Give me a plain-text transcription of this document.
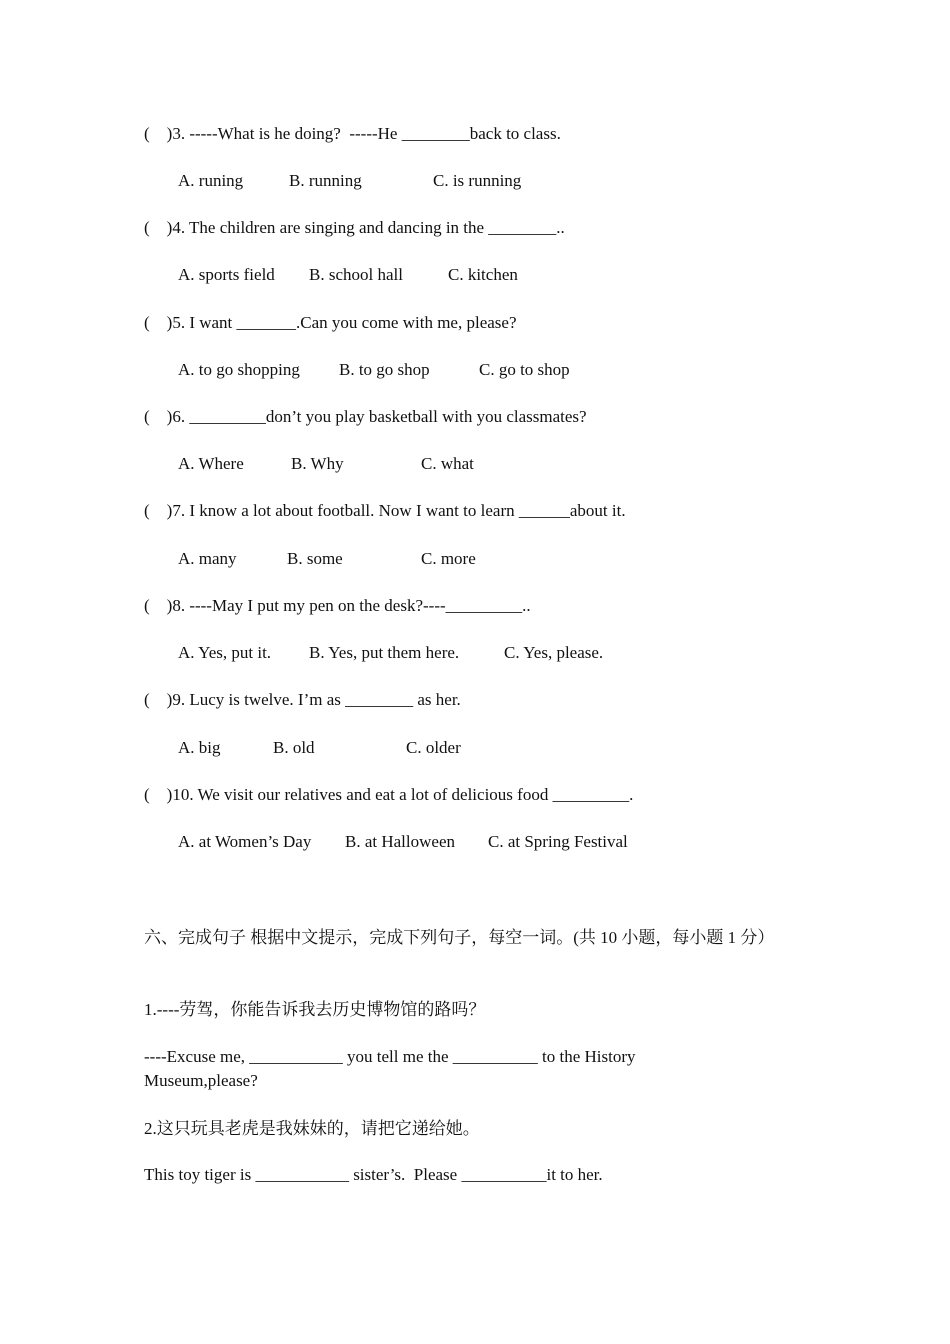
(    )3. -----What is he doing?  -----He ________back to class.
A. runing	B. running	C. is running
(    )4. The children are singing and dancing in the ________..
A. sports field B. school hall	C. kitchen
(    )5. I want _______.Can you come with me, please?
A. to go shopping B. to go shop	C. go to shop
(    )6. _________don’t you play basketball with you classmates?
A. Where	B. Why	C. what
(    )7. I know a lot about football. Now I want to learn ______about it.
A. many	B. some	C. more
(    )8. ----May I put my pen on the desk?----_________..
A. Yes, put it. B. Yes, put them here.	C. Yes, please.
(    )9. Lucy is twelve. I’m as ________ as her.
A. big	B. old	C. older
(    )10. We visit our relatives and eat a lot of delicious food _________.
A. at Women’s Day B. at Halloween C. at Spring Festival
六、完成句子 根据中文提示，完成下列句子，每空一词。(共 10 小题，每小题 1 分）
1.----劳驾，你能告诉我去历史博物馆的路吗？
----Excuse me, ___________ you tell me the __________ to the History Museum,please?
2.这只玩具老虎是我妹妹的，请把它递给她。
This toy tiger is ___________ sister’s.  Please __________it to her.
